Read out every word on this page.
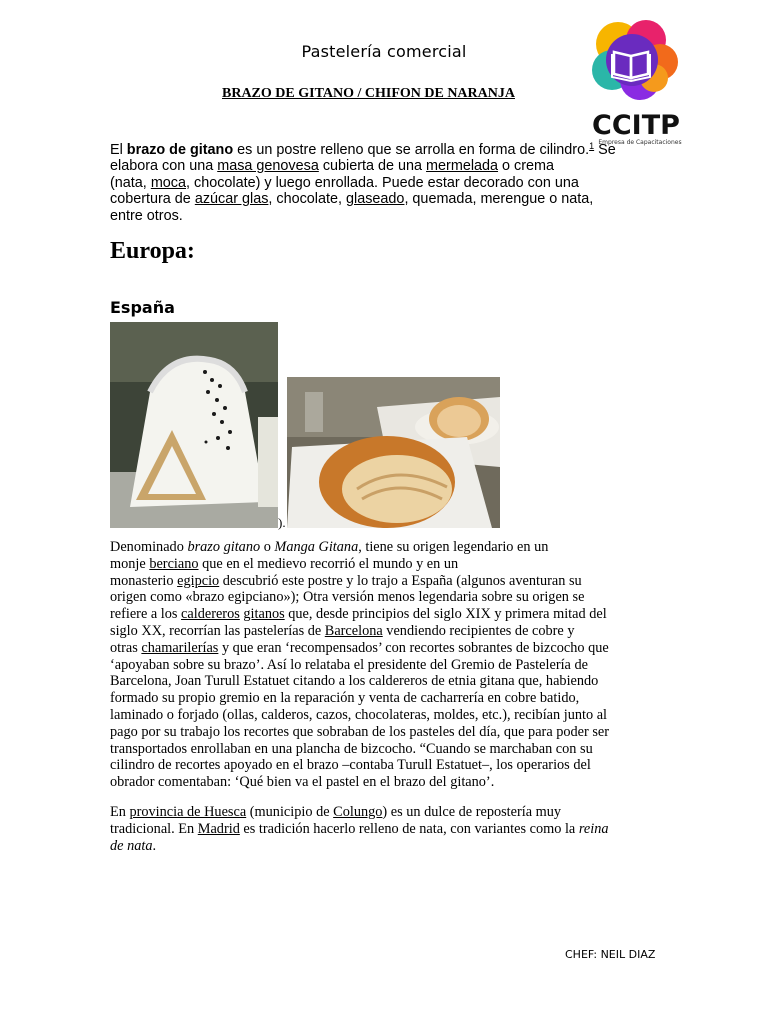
Pastelería comercial
BRAZO DE GITANO / CHIFON DE NARANJA
CCITP
Empresa de Capacitaciones
El brazo de gitano es un postre relleno que se arrolla en forma de cilindro.$^1$ Se
elabora con una masa genovesa cubierta de una mermelada o crema
(nata, moca, chocolate) y luego enrollada. Puede estar decorado con una
cobertura de azúcar glas, chocolate, glaseado, quemada, merengue o nata,
entre otros.
Europa:
España
).
Denominado brazo gitano o Manga Gitana, tiene su origen legendario en un
monje berciano que en el medievo recorrió el mundo y en un
monasterio egipcio descubrió este postre y lo trajo a España (algunos aventuran su
origen como «brazo egipciano»); Otra versión menos legendaria sobre su origen se
refiere a los caldereros gitanos que, desde principios del siglo XIX y primera mitad del
siglo XX, recorrían las pastelerías de Barcelona vendiendo recipientes de cobre y
otras chamarilerías y que eran ‘recompensados’ con recortes sobrantes de bizcocho que
‘apoyaban sobre su brazo’. Así lo relataba el presidente del Gremio de Pastelería de
Barcelona, Joan Turull Estatuet citando a los caldereros de etnia gitana que, habiendo
formado su propio gremio en la reparación y venta de cacharrería en cobre batido,
laminado o forjado (ollas, calderos, cazos, chocolateras, moldes, etc.), recibían junto al
pago por su trabajo los recortes que sobraban de los pasteles del día, que para poder ser
transportados enrollaban en una plancha de bizcocho. “Cuando se marchaban con su
cilindro de recortes apoyado en el brazo –contaba Turull Estatuet–, los operarios del
obrador comentaban: ‘Qué bien va el pastel en el brazo del gitano’.
En provincia de Huesca (municipio de Colungo) es un dulce de repostería muy
tradicional. En Madrid es tradición hacerlo relleno de nata, con variantes como la reina
de nata.
CHEF: NEIL DIAZ
